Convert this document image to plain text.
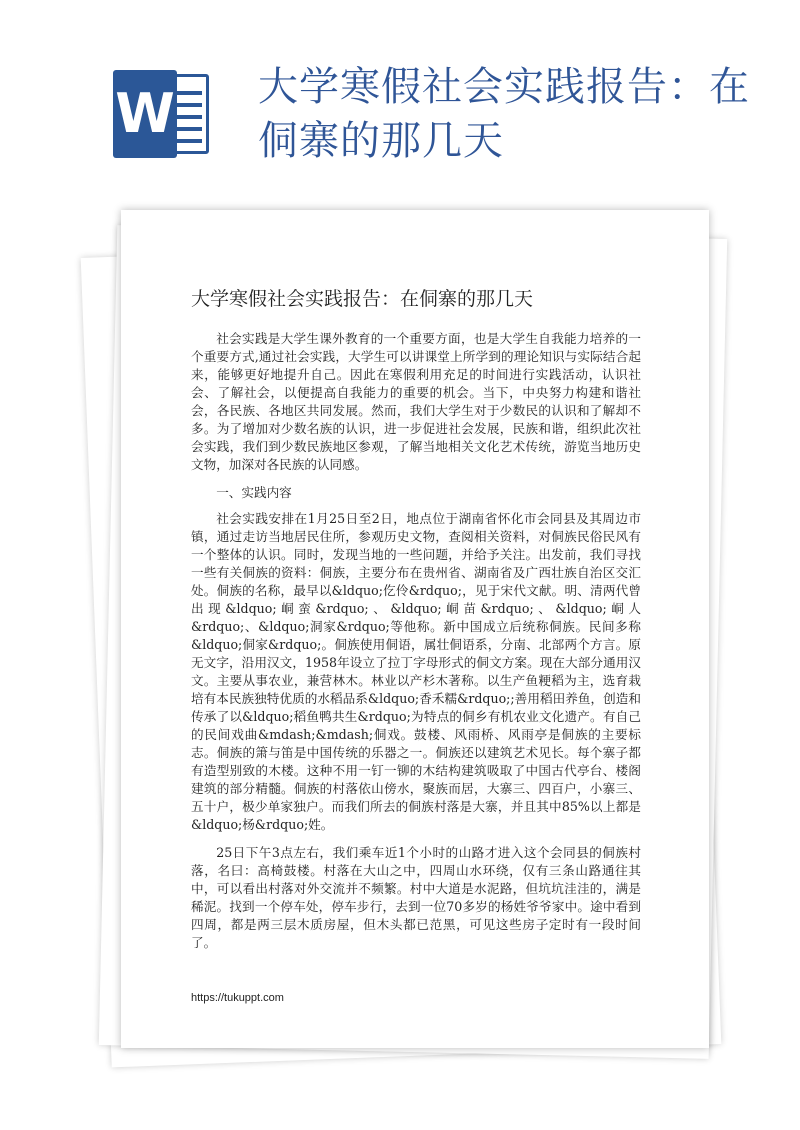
W 大学寒假社会实践报告：在侗寨的那几天
大学寒假社会实践报告：在侗寨的那几天

社会实践是大学生课外教育的一个重要方面，也是大学生自我能力培养的一个重要方式,通过社会实践，大学生可以讲课堂上所学到的理论知识与实际结合起来，能够更好地提升自己。因此在寒假利用充足的时间进行实践活动，认识社会、了解社会，以便提高自我能力的重要的机会。当下，中央努力构建和谐社会，各民族、各地区共同发展。然而，我们大学生对于少数民的认识和了解却不多。为了增加对少数名族的认识，进一步促进社会发展，民族和谐，组织此次社会实践，我们到少数民族地区参观，了解当地相关文化艺术传统，游览当地历史文物，加深对各民族的认同感。

一、实践内容

社会实践安排在1月25日至2日，地点位于湖南省怀化市会同县及其周边市镇，通过走访当地居民住所，参观历史文物，查阅相关资料，对侗族民俗民风有一个整体的认识。同时，发现当地的一些问题，并给予关注。出发前，我们寻找一些有关侗族的资料：侗族，主要分布在贵州省、湖南省及广西壮族自治区交汇处。侗族的名称，最早以&ldquo;仡伶&rdquo;，见于宋代文献。明、清两代曾出现&ldquo;峒蛮&rdquo;、&ldquo;峒苗&rdquo;、&ldquo;峒人&rdquo;、&ldquo;洞家&rdquo;等他称。新中国成立后统称侗族。民间多称&ldquo;侗家&rdquo;。侗族使用侗语，属壮侗语系，分南、北部两个方言。原无文字，沿用汉文，1958年设立了拉丁字母形式的侗文方案。现在大部分通用汉文。主要从事农业，兼营林木。林业以产杉木著称。以生产鱼粳稻为主，选育栽培有本民族独特优质的水稻品系&ldquo;香禾糯&rdquo;;善用稻田养鱼，创造和传承了以&ldquo;稻鱼鸭共生&rdquo;为特点的侗乡有机农业文化遗产。有自己的民间戏曲&mdash;&mdash;侗戏。鼓楼、风雨桥、风雨亭是侗族的主要标志。侗族的箫与笛是中国传统的乐器之一。侗族还以建筑艺术见长。每个寨子都有造型别致的木楼。这种不用一钉一铆的木结构建筑吸取了中国古代亭台、楼阁建筑的部分精髓。侗族的村落依山傍水，聚族而居，大寨三、四百户，小寨三、五十户，极少单家独户。而我们所去的侗族村落是大寨，并且其中85%以上都是&ldquo;杨&rdquo;姓。

25日下午3点左右，我们乘车近1个小时的山路才进入这个会同县的侗族村落，名曰：高椅鼓楼。村落在大山之中，四周山水环绕，仅有三条山路通往其中，可以看出村落对外交流并不频繁。村中大道是水泥路，但坑坑洼洼的，满是稀泥。找到一个停车处，停车步行，去到一位70多岁的杨姓爷爷家中。途中看到四周，都是两三层木质房屋，但木头都已范黑，可见这些房子定时有一段时间了。

https://tukuppt.com
